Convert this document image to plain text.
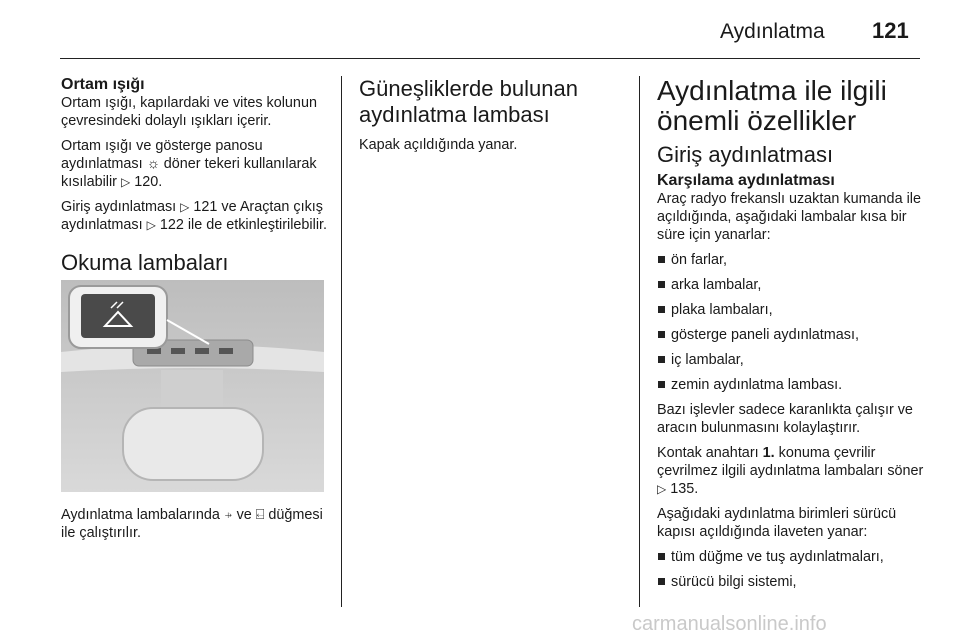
Aydınlatma 121
Ortam ışığı

Ortam ışığı, kapılardaki ve vites kolunun çevresindeki dolaylı ışıkları içerir.

Ortam ışığı ve gösterge panosu aydınlatması ☼ döner tekeri kullanılarak kısılabilir ▷ 120.

Giriş aydınlatması ▷ 121 ve Araçtan çıkış aydınlatması ▷ 122 ile de etkinleştirilebilir.

Okuma lambaları

Aydınlatma lambalarında ⍆ ve ⍇ düğmesi ile çalıştırılır.

Güneşliklerde bulunan aydınlatma lambası

Kapak açıldığında yanar.

Aydınlatma ile ilgili önemli özellikler
Giriş aydınlatması
Karşılama aydınlatması

Araç radyo frekanslı uzaktan kumanda ile açıldığında, aşağıdaki lambalar kısa bir süre için yanarlar:

ön farlar,
arka lambalar,
plaka lambaları,
gösterge paneli aydınlatması,
iç lambalar,
zemin aydınlatma lambası.

Bazı işlevler sadece karanlıkta çalışır ve aracın bulunmasını kolaylaştırır.

Kontak anahtarı 1. konuma çevrilir çevrilmez ilgili aydınlatma lambaları söner ▷ 135.

Aşağıdaki aydınlatma birimleri sürücü kapısı açıldığında ilaveten yanar:

tüm düğme ve tuş aydınlatmaları,
sürücü bilgi sistemi,
carmanualsonline.info
